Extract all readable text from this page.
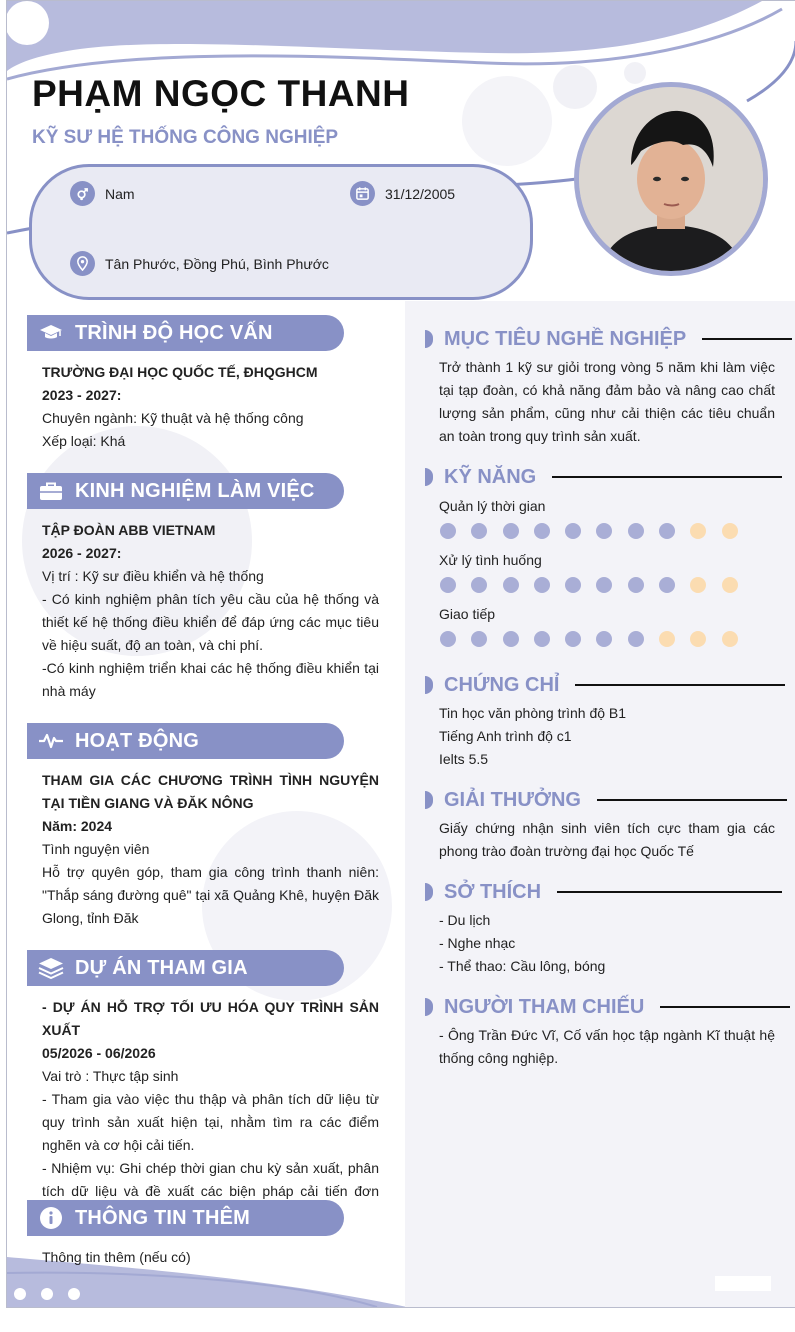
PHẠM NGỌC THANH
KỸ SƯ HỆ THỐNG CÔNG NGHIỆP
Nam	31/12/2005
Tân Phước, Đồng Phú, Bình Phước
TRÌNH ĐỘ HỌC VẤN
TRƯỜNG ĐẠI HỌC QUỐC TẾ, ĐHQGHCM
2023 - 2027:
Chuyên ngành: Kỹ thuật và hệ thống công
Xếp loại: Khá
KINH NGHIỆM LÀM VIỆC
TẬP ĐOÀN ABB VIETNAM
2026 - 2027:
Vị trí : Kỹ sư điều khiển và hệ thống
- Có kinh nghiệm phân tích yêu cầu của hệ thống và thiết kế hệ thống điều khiển để đáp ứng các mục tiêu về hiệu suất, độ an toàn, và chi phí.
-Có kinh nghiệm triển khai các hệ thống điều khiển tại nhà máy
HOẠT ĐỘNG
THAM GIA CÁC CHƯƠNG TRÌNH TÌNH NGUYỆN TẠI TIỀN GIANG VÀ ĐĂK NÔNG
Năm: 2024
Tình nguyện viên
Hỗ trợ quyên góp, tham gia công trình thanh niên: "Thắp sáng đường quê" tại xã Quảng Khê, huyện Đăk Glong, tỉnh Đăk
DỰ ÁN THAM GIA
- DỰ ÁN HỖ TRỢ TỐI ƯU HÓA QUY TRÌNH SẢN XUẤT
05/2026 - 06/2026
Vai trò : Thực tập sinh
- Tham gia vào việc thu thập và phân tích dữ liệu từ quy trình sản xuất hiện tại, nhằm tìm ra các điểm nghẽn và cơ hội cải tiến.
- Nhiệm vụ: Ghi chép thời gian chu kỳ sản xuất, phân tích dữ liệu và đề xuất các biện pháp cải tiến đơn
THÔNG TIN THÊM
Thông tin thêm (nếu có)
MỤC TIÊU NGHỀ NGHIỆP
Trở thành 1 kỹ sư giỏi trong vòng 5 năm khi làm việc tại tạp đoàn, có khả năng đảm bảo và nâng cao chất lượng sản phẩm, cũng như cải thiện các tiêu chuẩn an toàn trong quy trình sản xuất.
KỸ NĂNG
Quản lý thời gian
Xử lý tình huống
Giao tiếp
CHỨNG CHỈ
Tin học văn phòng trình độ B1
Tiếng Anh trình độ c1
Ielts 5.5
GIẢI THƯỞNG
Giấy chứng nhận sinh viên tích cực tham gia các phong trào đoàn trường đại học Quốc Tế
SỞ THÍCH
- Du lịch
- Nghe nhạc
- Thể thao: Cầu lông, bóng
NGƯỜI THAM CHIẾU
- Ông Trần Đức Vĩ, Cố vấn học tập ngành Kĩ thuật hệ thống công nghiệp.
